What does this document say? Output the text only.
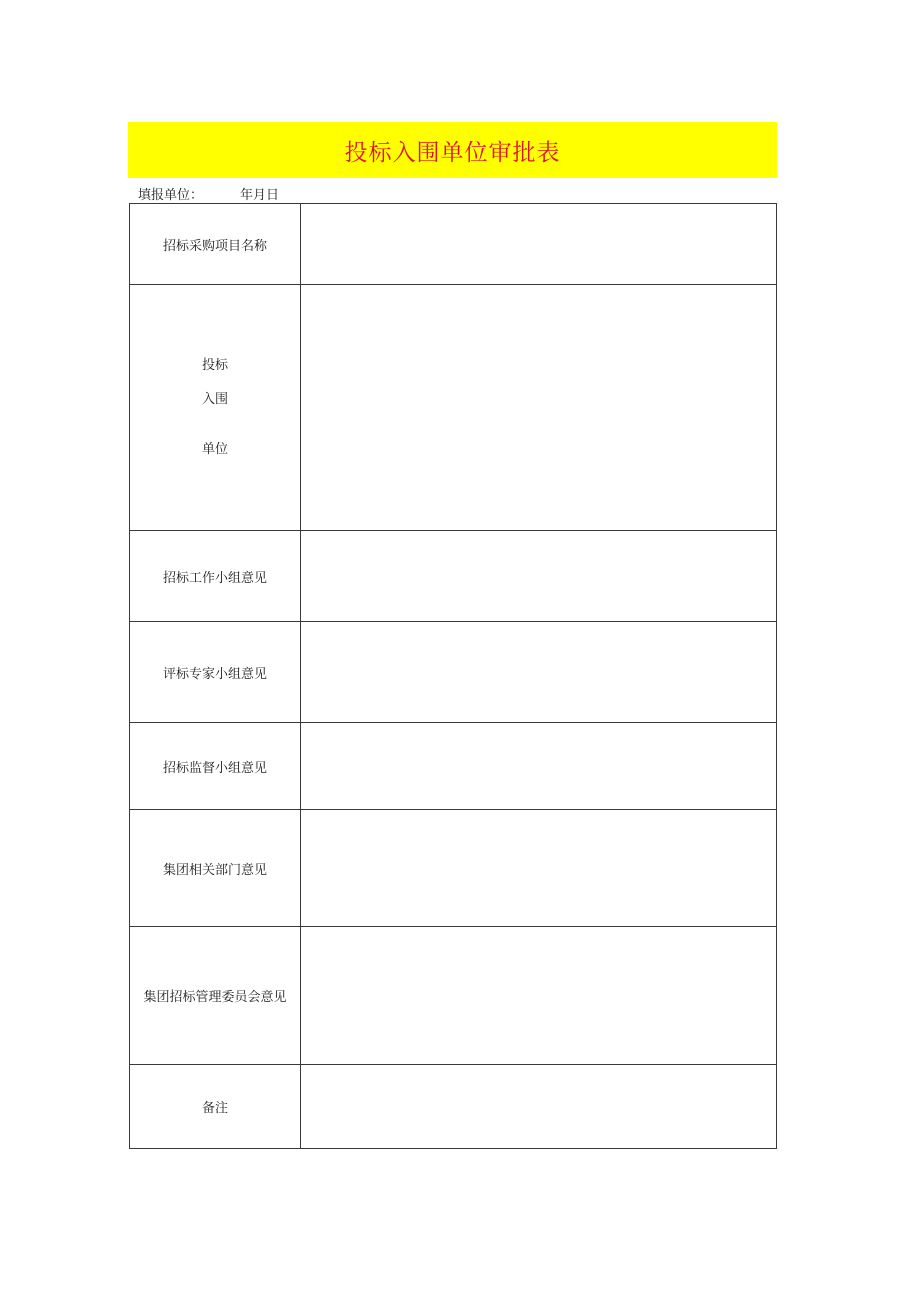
投标入围单位审批表
填报单位：	年月日
招标采购项目名称	

投标
入围
单位	

招标工作小组意见	
评标专家小组意见	
招标监督小组意见	
集团相关部门意见	
集团招标管理委员会意见	
备注	
